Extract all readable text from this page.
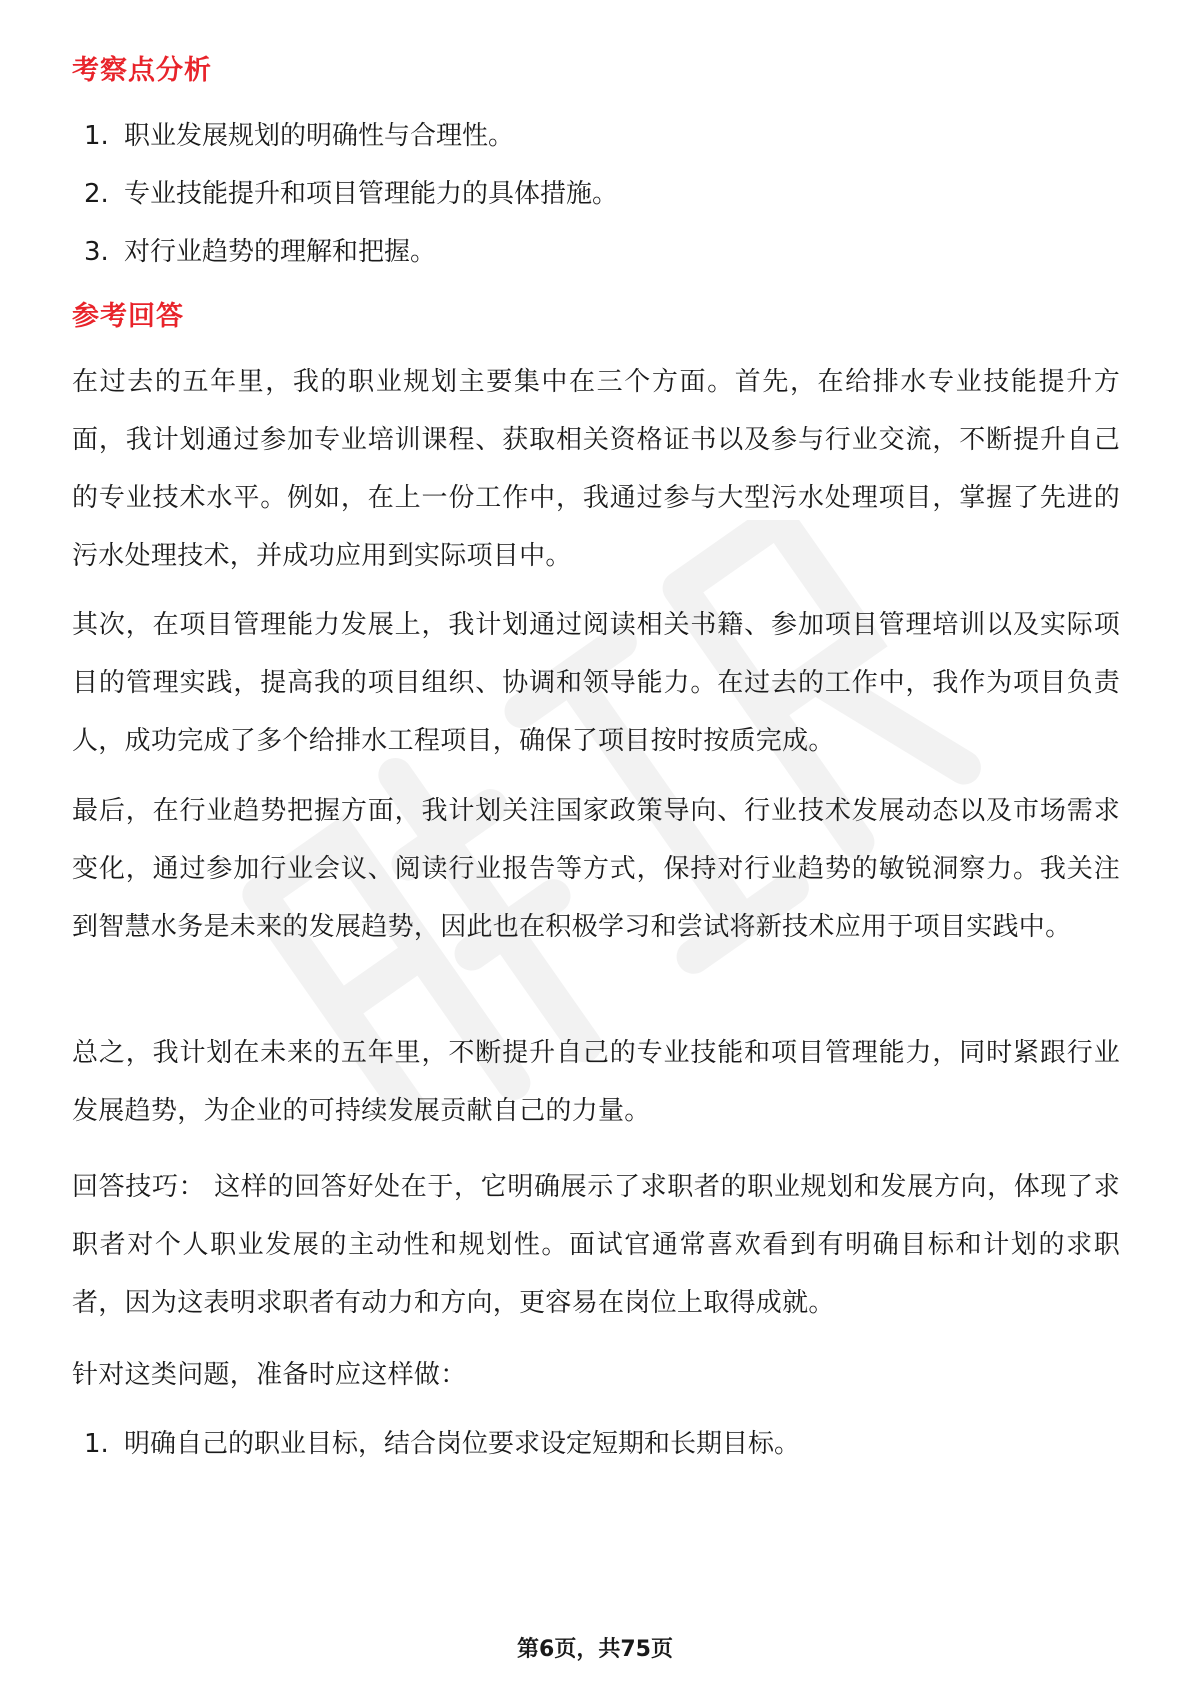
考察点分析
1. 职业发展规划的明确性与合理性。
2. 专业技能提升和项目管理能力的具体措施。
3. 对行业趋势的理解和把握。
参考回答

在过去的五年里，我的职业规划主要集中在三个方面。首先，在给排水专业技能提升方面，我计划通过参加专业培训课程、获取相关资格证书以及参与行业交流，不断提升自己的专业技术水平。例如，在上一份工作中，我通过参与大型污水处理项目，掌握了先进的污水处理技术，并成功应用到实际项目中。

其次，在项目管理能力发展上，我计划通过阅读相关书籍、参加项目管理培训以及实际项目的管理实践，提高我的项目组织、协调和领导能力。在过去的工作中，我作为项目负责人，成功完成了多个给排水工程项目，确保了项目按时按质完成。

最后，在行业趋势把握方面，我计划关注国家政策导向、行业技术发展动态以及市场需求变化，通过参加行业会议、阅读行业报告等方式，保持对行业趋势的敏锐洞察力。我关注到智慧水务是未来的发展趋势，因此也在积极学习和尝试将新技术应用于项目实践中。

总之，我计划在未来的五年里，不断提升自己的专业技能和项目管理能力，同时紧跟行业发展趋势，为企业的可持续发展贡献自己的力量。

回答技巧： 这样的回答好处在于，它明确展示了求职者的职业规划和发展方向，体现了求职者对个人职业发展的主动性和规划性。面试官通常喜欢看到有明确目标和计划的求职者，因为这表明求职者有动力和方向，更容易在岗位上取得成就。

针对这类问题，准备时应这样做：

1. 明确自己的职业目标，结合岗位要求设定短期和长期目标。
第6页，共75页
